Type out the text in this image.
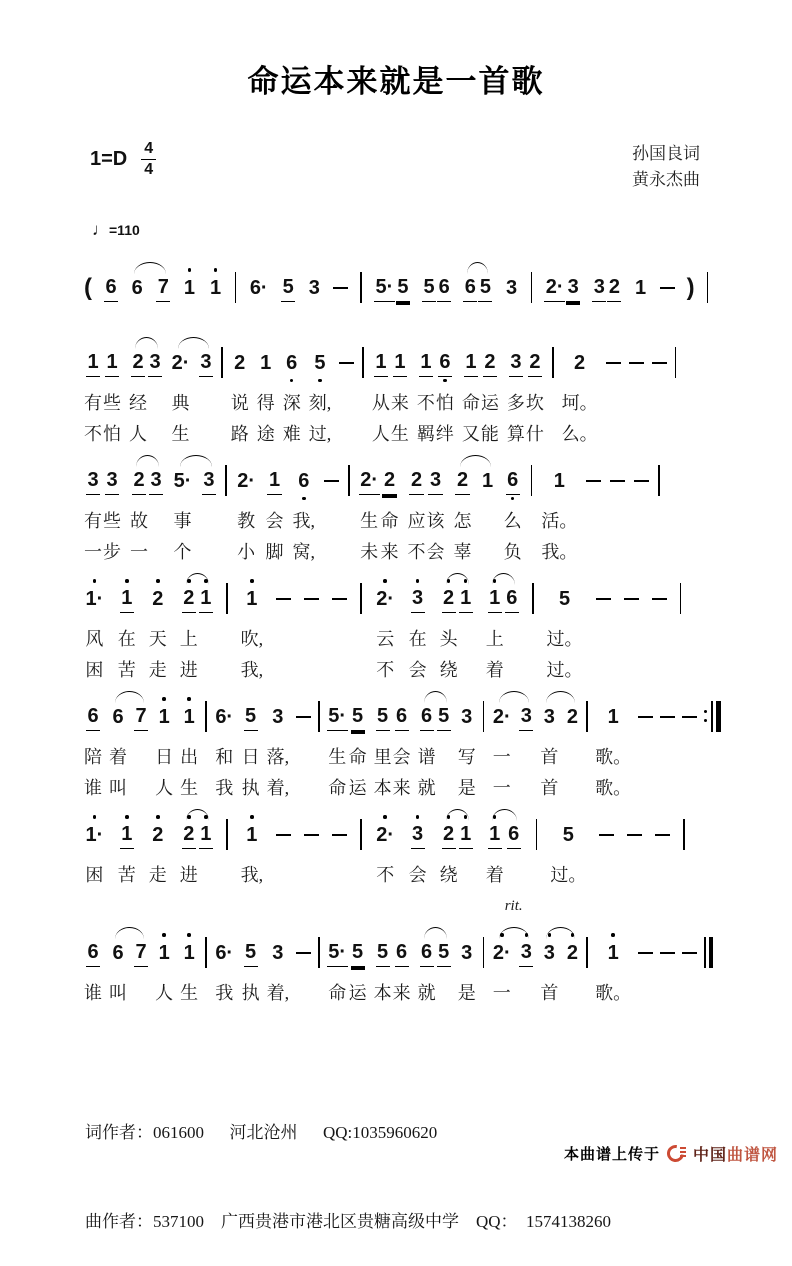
命运本来就是一首歌
$1=D \frac{4}{4}$	孙国良词
黄永杰曲
♩=110
( 6 6 7 1 1 6· 5 3	5· 5 5 6 6 5 3 2· 3 3 2 1 )
1
有
不
1
些
怕
2
经
人
3 2·
典
生
3 2
说
路
1
得
途
6
深
难
5
刻,
过,
1
从
人
1
来
生
1
不
羁
6
怕
绊
1
命
又
2
运
能
3
多
算
2
坎
什
2
坷。
么。
3
有
一
3
些
步
2
故
一
3 5·
事
个
3 2·
教
小
1
会
脚
6
我,
窝,
2·
生
未
2
命
来
2
应
不
3
该
会
2
怎
辜
1 6
么
负
1
活。
我。
1·
风
困
1
在
苦
2
天
走
2
上
进
1 1
吹,
我,
2·
云
不
3
在
会
2
头
绕
1 1
上
着
6 5
过。
过。
6
陪
谁
6
着
叫
7 1
日
人
1
出
生
6·
和
我
5
日
执
3
落,
着,
5·
生
命
5
命
运
5
里
本
6
会
来
6
谱
就
5 3
写
是
2·
一
一
3 3
首
首
2 1
歌。
歌。
1·
困
1
苦
2
走
2
进
1 1
我,
2·
不
3
会
2
绕
1 1
着
6
rit.
5
过。
6
谁
6
叫
7 1
人
1
生
6·
我
5
执
3
着,
5·
命
5
运
5
本
6
来
6
就
5 3
是
2·
一
3 3
首
2 1
歌。

词作者：061600      河北沧州      QQ:1035960620

曲作者：537100    广西贵港市港北区贵糖高级中学    QQ：  1574138260

本曲谱上传于 中国曲谱网
